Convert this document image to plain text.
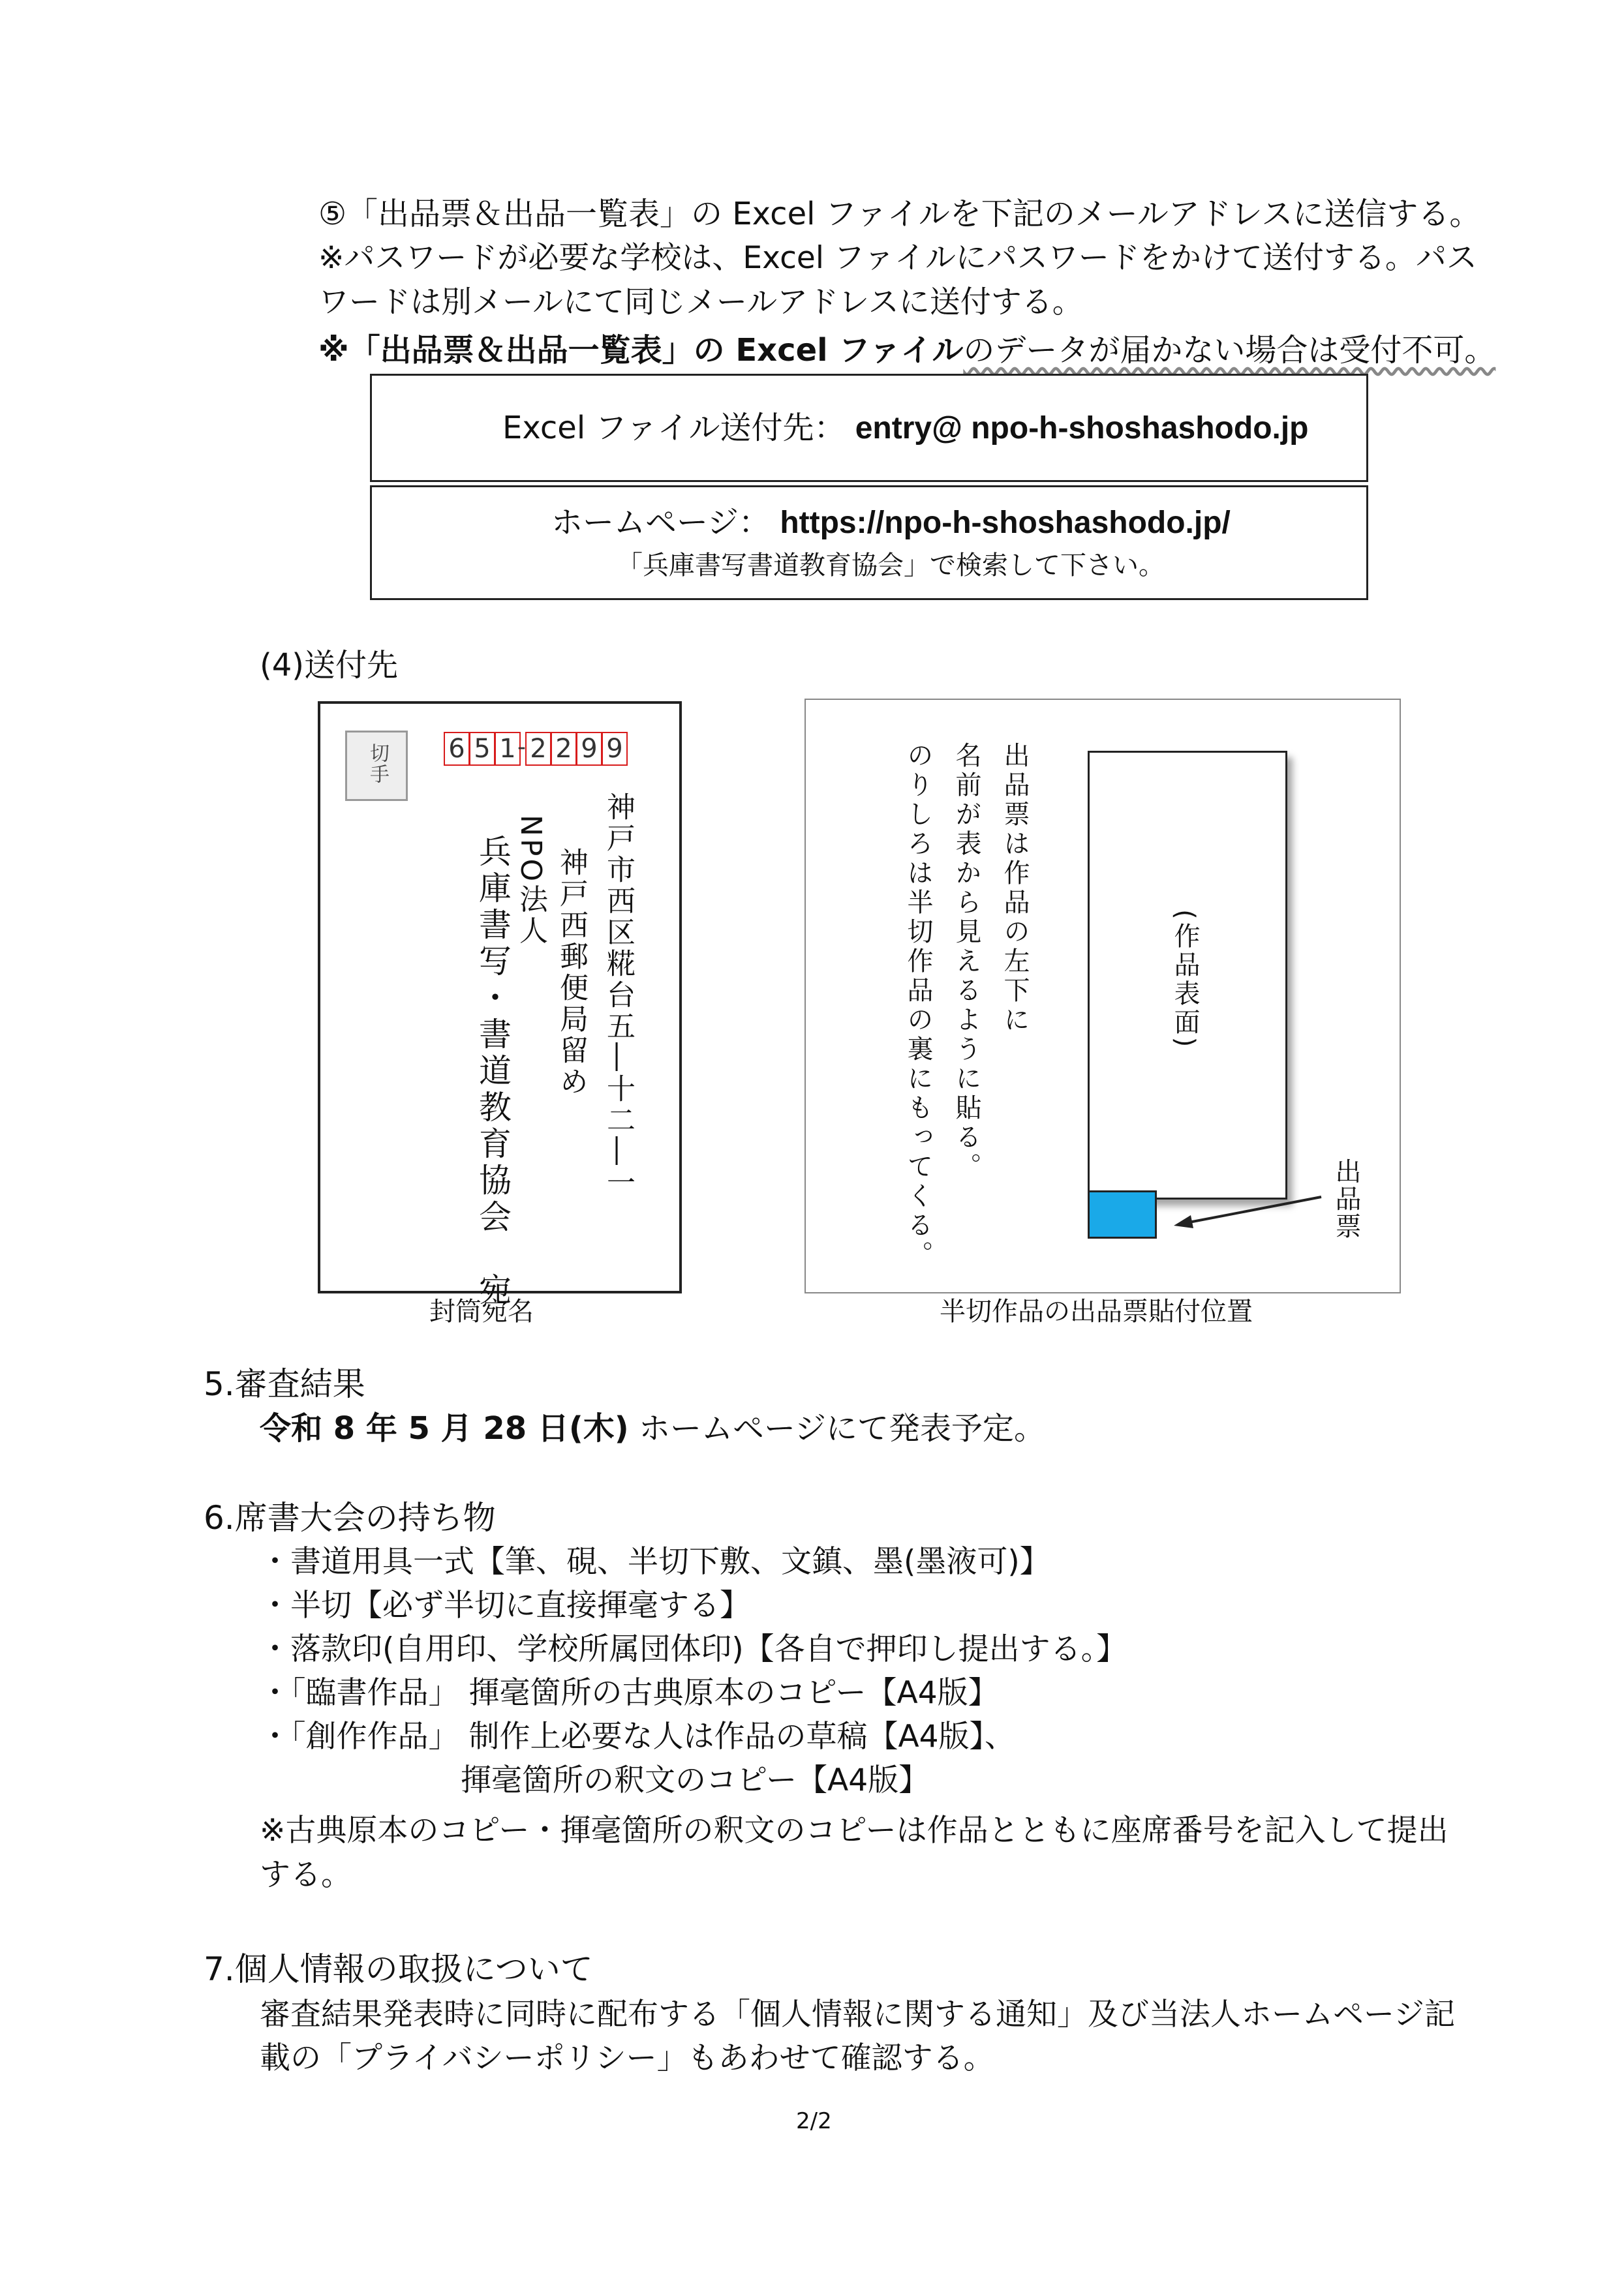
⑤「出品票＆出品一覧表」の Excel ファイルを下記のメールアドレスに送信する。
※パスワードが必要な学校は、Excel ファイルにパスワードをかけて送付する。パス
ワードは別メールにて同じメールアドレスに送付する。
※「出品票＆出品一覧表」の Excel ファイルのデータが届かない場合は受付不可。
Excel ファイル送付先： entry@ npo-h-shoshashodo.jp
ホームページ： https://npo-h-shoshashodo.jp/
「兵庫書写書道教育協会」で検索して下さい。
(4)送付先
切手 6 5 1 - 2 2 9 9
神戸市西区糀台五―十二―一
神戸西郵便局留め
NPO法人
兵庫書写・書道教育協会　宛
封筒宛名
出品票は作品の左下に
名前が表から見えるように貼る。
のりしろは半切作品の裏にもってくる。	(作品表面)
出品票
半切作品の出品票貼付位置
5.審査結果
令和 8 年 5 月 28 日(木) ホームページにて発表予定。
6.席書大会の持ち物
・書道用具一式【筆、硯、半切下敷、文鎮、墨(墨液可)】
・半切【必ず半切に直接揮毫する】
・落款印(自用印、学校所属団体印)【各自で押印し提出する。】
・「臨書作品」 揮毫箇所の古典原本のコピー【A4版】
・「創作作品」 制作上必要な人は作品の草稿【A4版】、
揮毫箇所の釈文のコピー【A4版】
※古典原本のコピー・揮毫箇所の釈文のコピーは作品とともに座席番号を記入して提出
する。
7.個人情報の取扱について
審査結果発表時に同時に配布する「個人情報に関する通知」及び当法人ホームページ記
載の「プライバシーポリシー」もあわせて確認する。
2/2
